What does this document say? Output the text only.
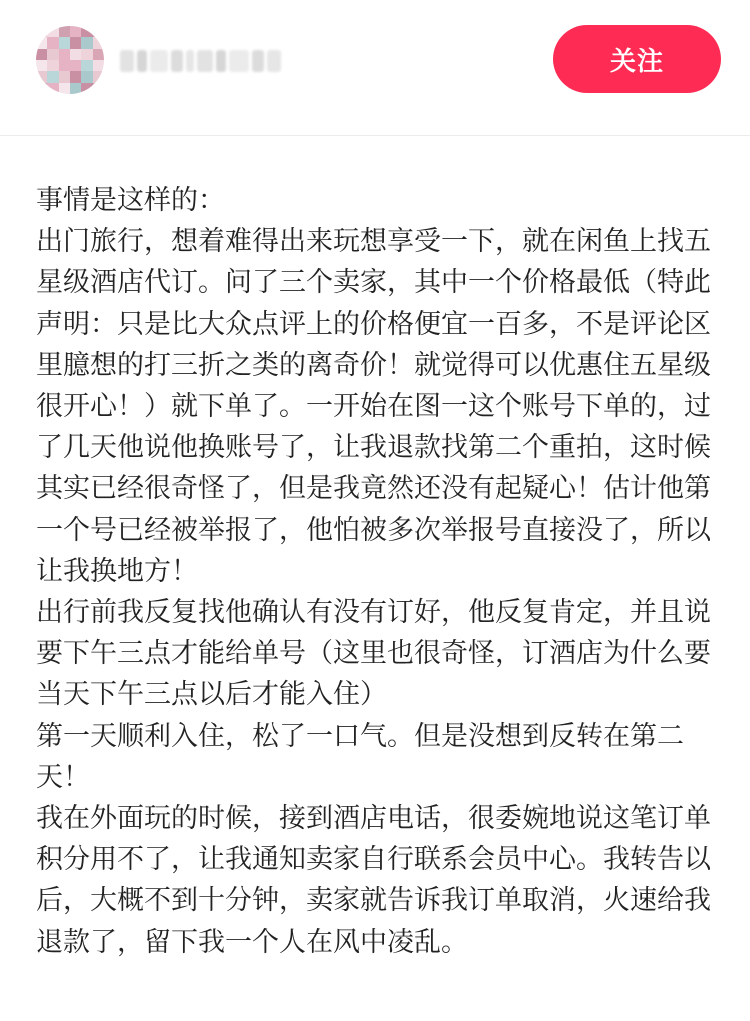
关注

事情是这样的：

出门旅行，想着难得出来玩想享受一下，就在闲鱼上找五星级酒店代订。问了三个卖家，其中一个价格最低（特此声明：只是比大众点评上的价格便宜一百多，不是评论区里臆想的打三折之类的离奇价！就觉得可以优惠住五星级很开心！）就下单了。一开始在图一这个账号下单的，过了几天他说他换账号了，让我退款找第二个重拍，这时候其实已经很奇怪了，但是我竟然还没有起疑心！估计他第一个号已经被举报了，他怕被多次举报号直接没了，所以让我换地方！

出行前我反复找他确认有没有订好，他反复肯定，并且说要下午三点才能给单号（这里也很奇怪，订酒店为什么要当天下午三点以后才能入住）

第一天顺利入住，松了一口气。但是没想到反转在第二天！

我在外面玩的时候，接到酒店电话，很委婉地说这笔订单积分用不了，让我通知卖家自行联系会员中心。我转告以后，大概不到十分钟，卖家就告诉我订单取消，火速给我退款了，留下我一个人在风中凌乱。
